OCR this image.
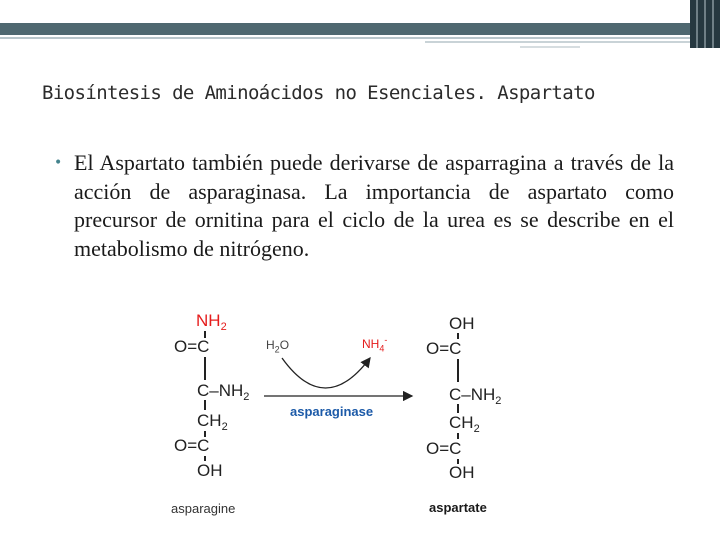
Biosíntesis de Aminoácidos no Esenciales. Aspartato
• El Aspartato también puede derivarse de asparragina a través de la acción de asparaginasa. La importancia de aspartato como precursor de ornitina para el ciclo de la urea es se describe en el metabolismo de nitrógeno.
$NH_2$
O=C
$C-NH_2$
$CH_2$
O=C
OH
asparagine
$H_2O$	$NH_4^-$
asparaginase
OH
O=C
$C-NH_2$
$CH_2$
O=C
OH
aspartate
